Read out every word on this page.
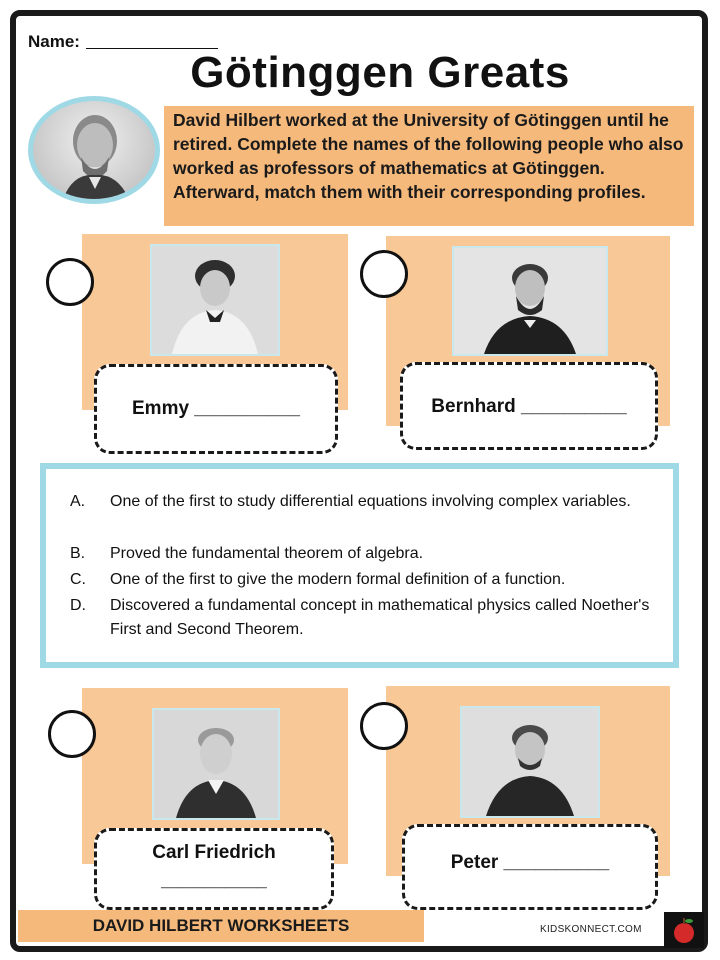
Name:
Götinggen Greats
David Hilbert worked at the University of Götinggen until he retired. Complete the names of the following people who also worked as professors of mathematics at Götinggen. Afterward, match them with their corresponding profiles.
Emmy __________	Bernhard __________
A. One of the first to study differential equations involving complex variables.
B. Proved the fundamental theorem of algebra.
C. One of the first to give the modern formal definition of a function.
D. Discovered a fundamental concept in mathematical physics called Noether's First and Second Theorem.
Carl Friedrich
__________
Peter __________
DAVID HILBERT WORKSHEETS	KIDSKONNECT.COM
